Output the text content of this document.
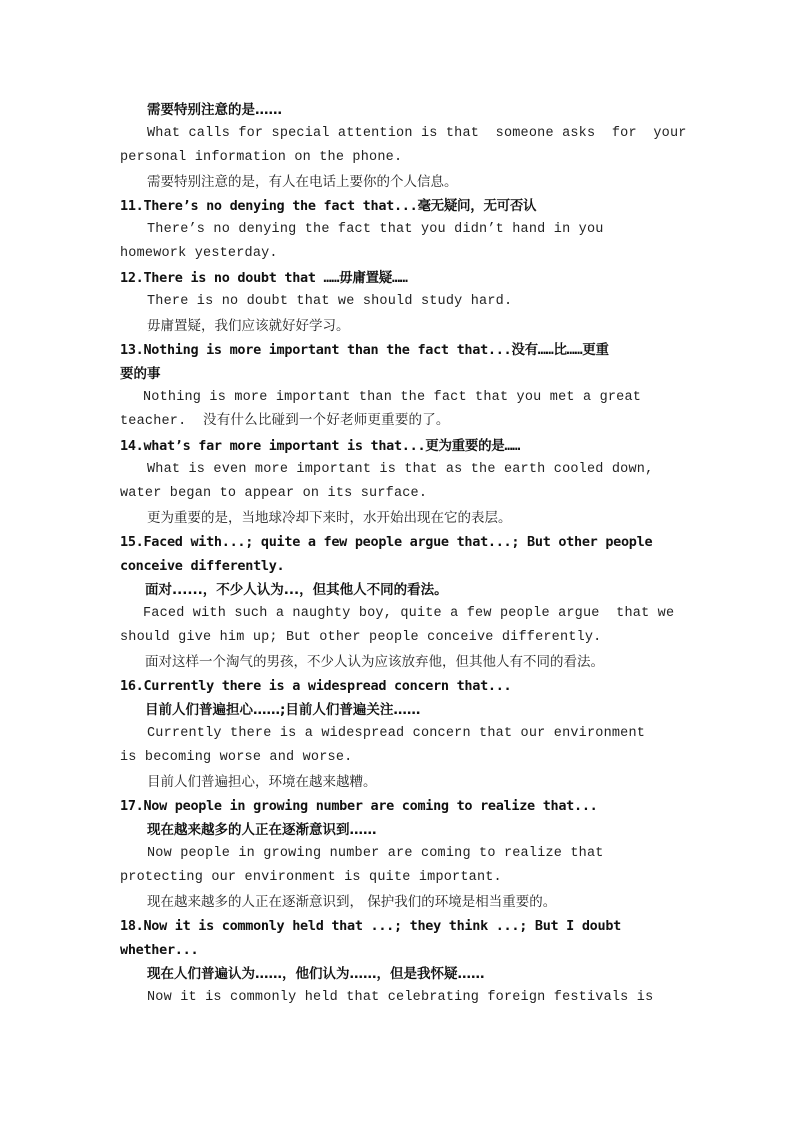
需要特别注意的是……
What calls for special attention is that  someone asks  for  your
personal information on the phone.
需要特别注意的是，有人在电话上要你的个人信息。
11.There’s no denying the fact that...毫无疑问，无可否认
There’s no denying the fact that you didn’t hand in you
homework yesterday.
12.There is no doubt that ……毋庸置疑……
There is no doubt that we should study hard.
毋庸置疑，我们应该就好好学习。
13.Nothing is more important than the fact that...没有……比……更重
要的事
Nothing is more important than the fact that you met a great
teacher.  没有什么比碰到一个好老师更重要的了。
14.what’s far more important is that...更为重要的是……
What is even more important is that as the earth cooled down,
water began to appear on its surface.
更为重要的是，当地球冷却下来时，水开始出现在它的表层。
15.Faced with...; quite a few people argue that...; But other people
conceive differently.
面对......，不少人认为...，但其他人不同的看法。
Faced with such a naughty boy, quite a few people argue  that we
should give him up; But other people conceive differently.
面对这样一个淘气的男孩，不少人认为应该放弃他，但其他人有不同的看法。
16.Currently there is a widespread concern that...
目前人们普遍担心……;目前人们普遍关注……
Currently there is a widespread concern that our environment
is becoming worse and worse.
目前人们普遍担心，环境在越来越糟。
17.Now people in growing number are coming to realize that...
现在越来越多的人正在逐渐意识到……
Now people in growing number are coming to realize that
protecting our environment is quite important.
现在越来越多的人正在逐渐意识到， 保护我们的环境是相当重要的。
18.Now it is commonly held that ...; they think ...; But I doubt
whether...
现在人们普遍认为……，他们认为……，但是我怀疑……
Now it is commonly held that celebrating foreign festivals is
